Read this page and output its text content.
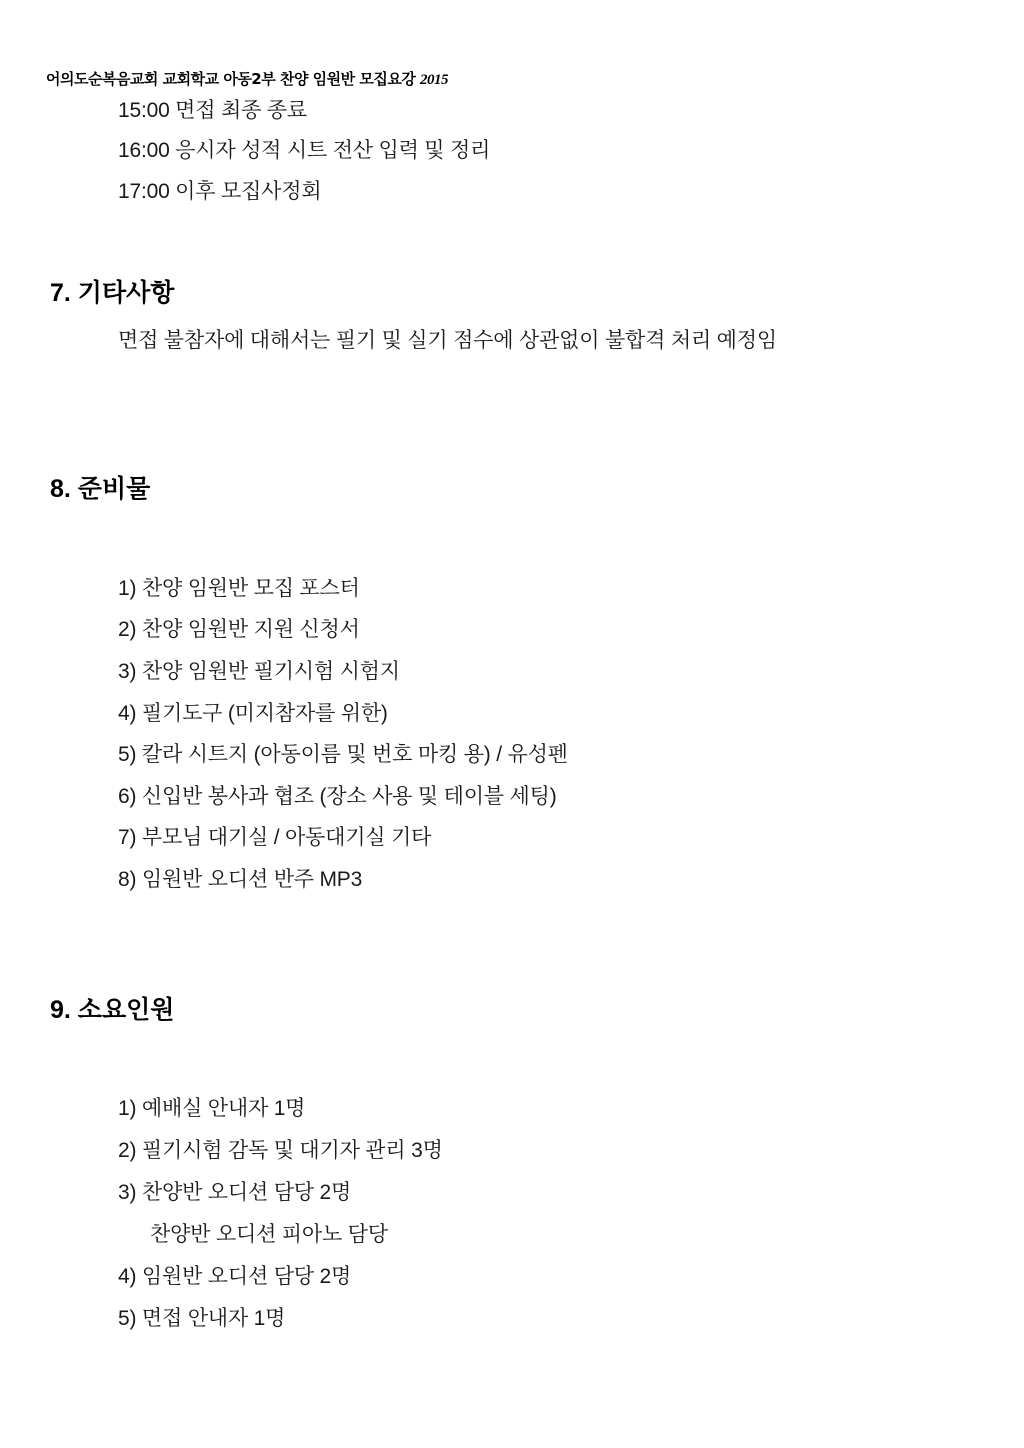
어의도순복음교회 교회학교 아동2부 찬양 임원반 모집요강 2015
15:00 면접 최종 종료
16:00 응시자 성적 시트 전산 입력 및 정리
17:00 이후 모집사정회
7. 기타사항
면접 불참자에 대해서는 필기 및 실기 점수에 상관없이 불합격 처리 예정임
8. 준비물
1) 찬양 임원반 모집 포스터
2) 찬양 임원반 지원 신청서
3) 찬양 임원반 필기시험 시험지
4) 필기도구 (미지참자를 위한)
5) 칼라 시트지 (아동이름 및 번호 마킹 용) / 유성펜
6) 신입반 봉사과 협조 (장소 사용 및 테이블 세팅)
7) 부모님 대기실 / 아동대기실 기타
8) 임원반 오디션 반주 MP3
9. 소요인원
1) 예배실 안내자 1명
2) 필기시험 감독 및 대기자 관리 3명
3) 찬양반 오디션 담당 2명
찬양반 오디션 피아노 담당
4) 임원반 오디션 담당 2명
5) 면접 안내자 1명
